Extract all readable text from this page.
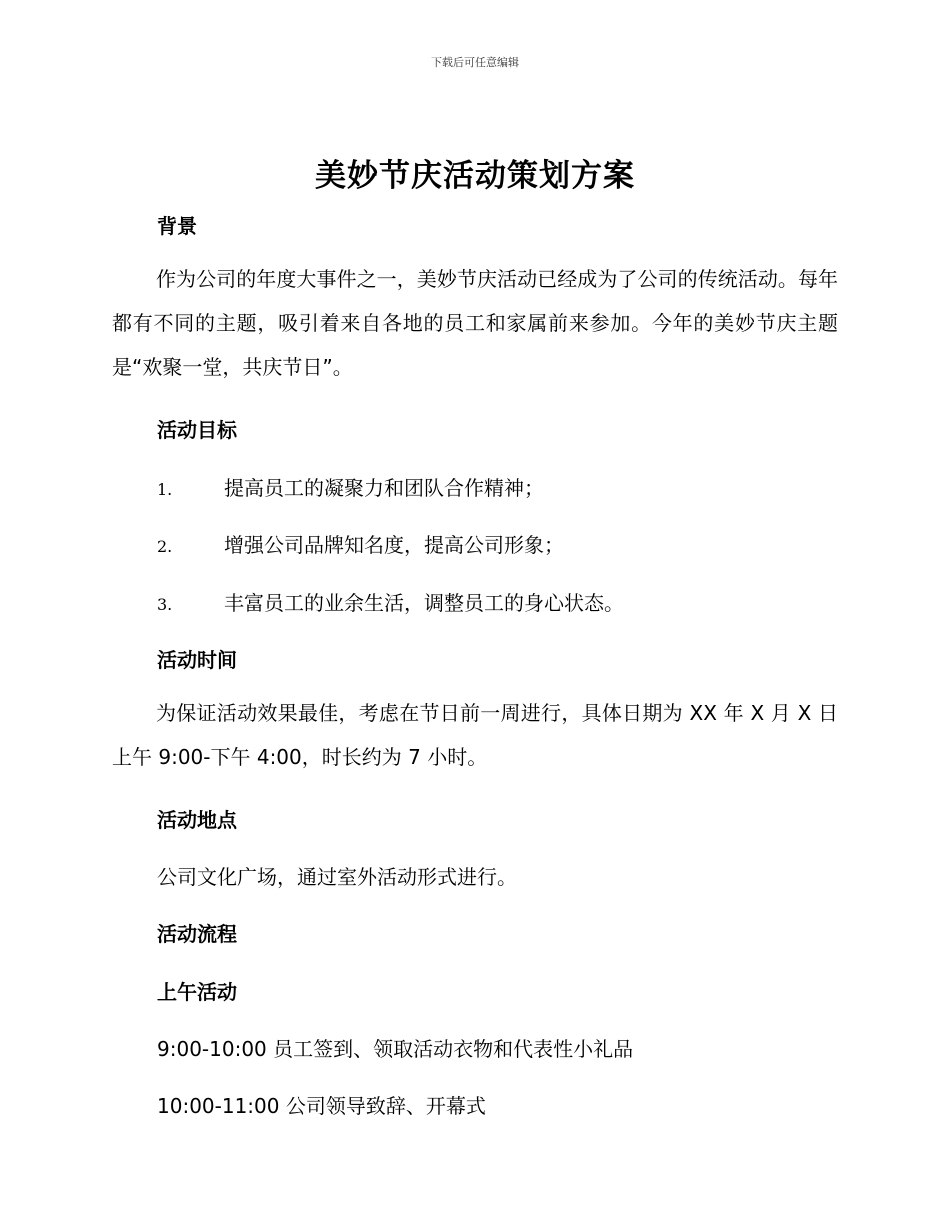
下载后可任意编辑
美妙节庆活动策划方案
背景
作为公司的年度大事件之一，美妙节庆活动已经成为了公司的传统活动。每年都有不同的主题，吸引着来自各地的员工和家属前来参加。今年的美妙节庆主题是“欢聚一堂，共庆节日”。
活动目标
1.	提高员工的凝聚力和团队合作精神；
2.	增强公司品牌知名度，提高公司形象；
3.	丰富员工的业余生活，调整员工的身心状态。
活动时间
为保证活动效果最佳，考虑在节日前一周进行，具体日期为 XX 年 X 月 X 日上午 9:00-下午 4:00，时长约为 7 小时。
活动地点
公司文化广场，通过室外活动形式进行。
活动流程
上午活动
9:00-10:00 员工签到、领取活动衣物和代表性小礼品
10:00-11:00 公司领导致辞、开幕式
